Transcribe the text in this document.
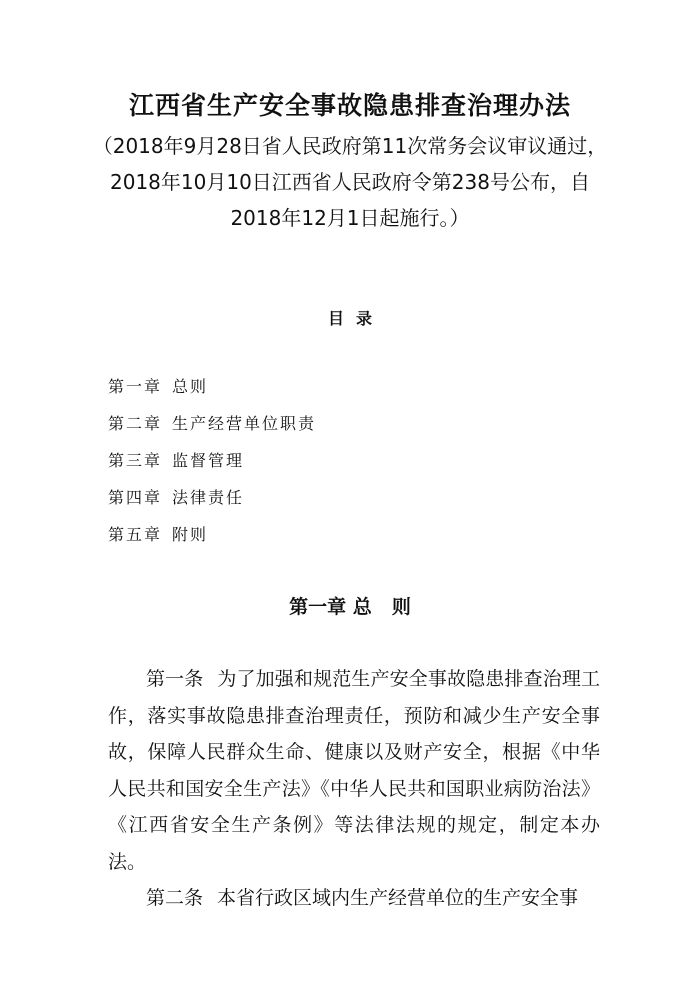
江西省生产安全事故隐患排查治理办法

（2018年9月28日省人民政府第11次常务会议审议通过，2018年10月10日江西省人民政府令第238号公布，自2018年12月1日起施行。）

目录
第一章 总则
第二章 生产经营单位职责
第三章 监督管理
第四章 法律责任
第五章 附则
第一章 总 则

第一条 为了加强和规范生产安全事故隐患排查治理工作，落实事故隐患排查治理责任，预防和减少生产安全事故，保障人民群众生命、健康以及财产安全，根据《中华人民共和国安全生产法》《中华人民共和国职业病防治法》《江西省安全生产条例》等法律法规的规定，制定本办法。

第二条 本省行政区域内生产经营单位的生产安全事
